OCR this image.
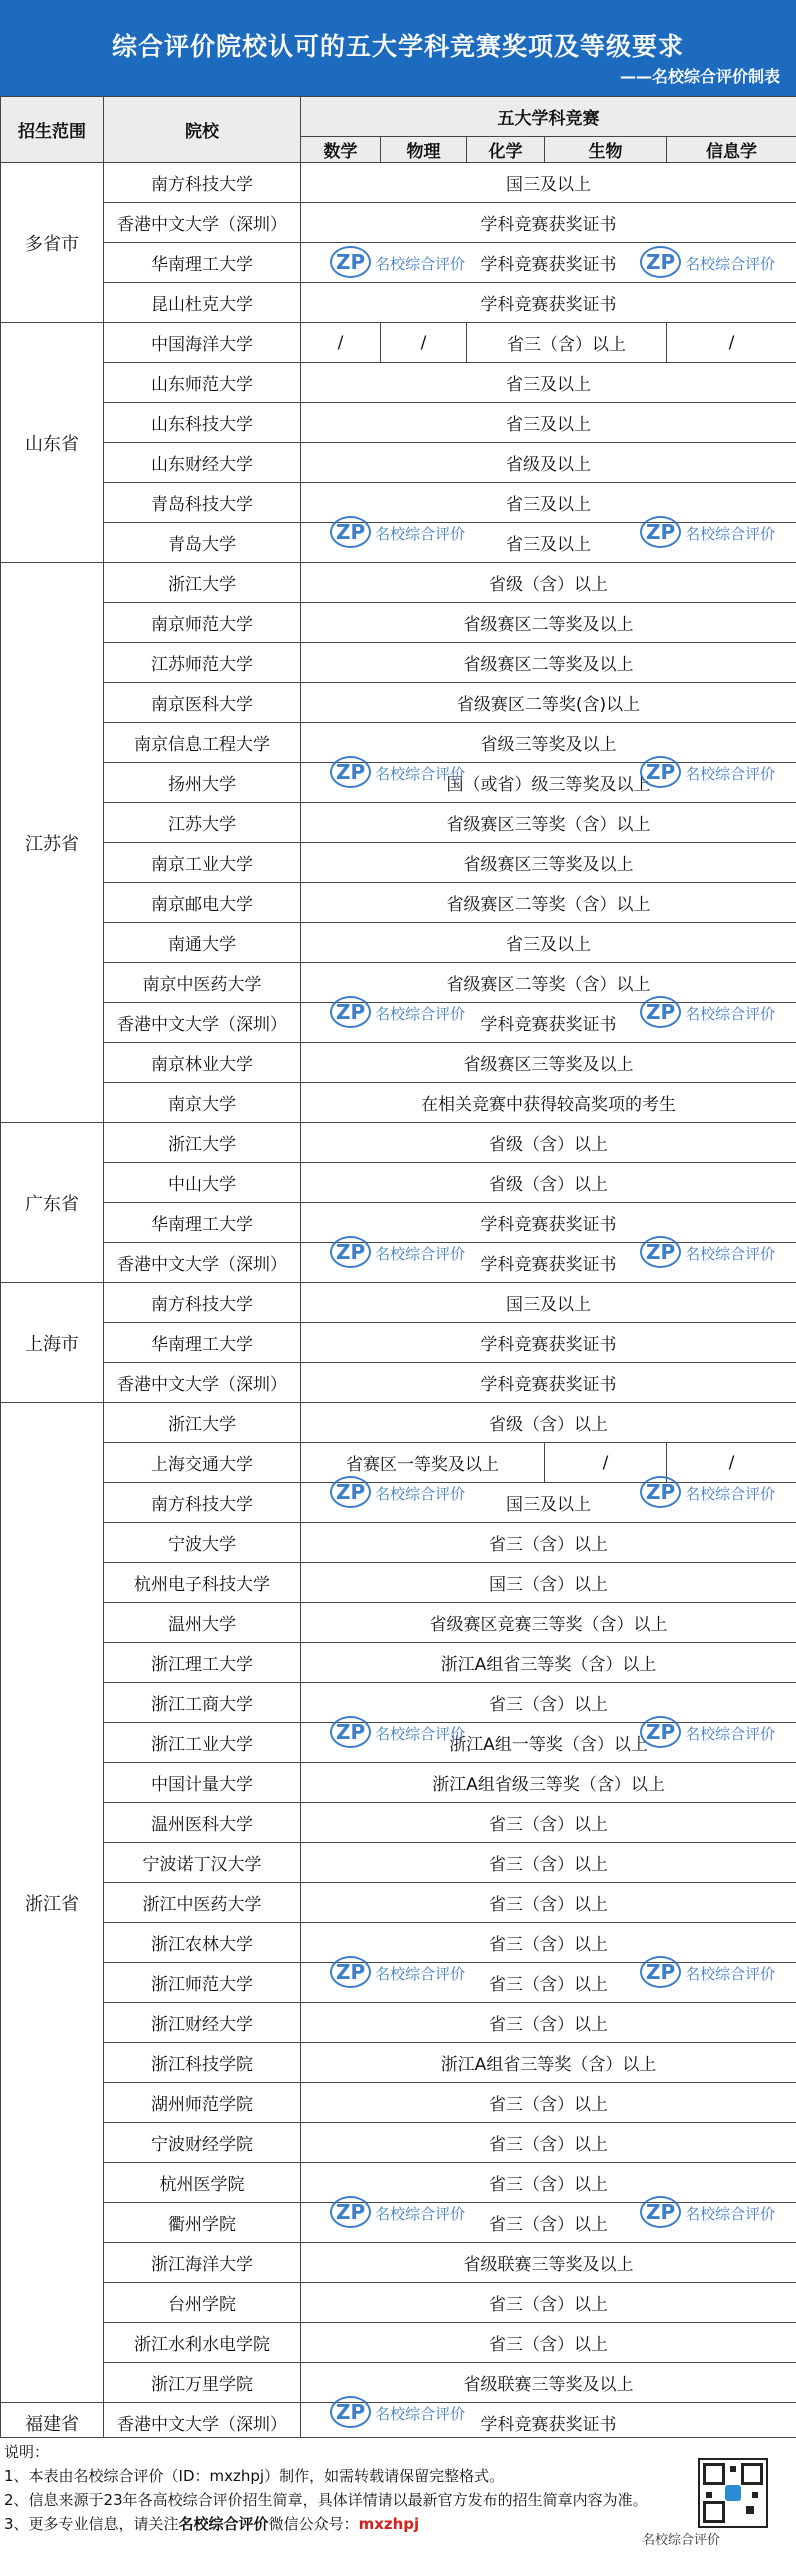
综合评价院校认可的五大学科竞赛奖项及等级要求
——名校综合评价制表
招生范围	院校	五大学科竞赛				
		数学	物理	化学	生物	信息学
多省市	南方科技大学	国三及以上				
	香港中文大学（深圳）	学科竞赛获奖证书				
	华南理工大学	学科竞赛获奖证书				
	昆山杜克大学	学科竞赛获奖证书				
山东省	中国海洋大学	/	/	省三（含）以上		/
	山东师范大学	省三及以上				
	山东科技大学	省三及以上				
	山东财经大学	省级及以上				
	青岛科技大学	省三及以上				
	青岛大学	省三及以上				
江苏省	浙江大学	省级（含）以上				
	南京师范大学	省级赛区二等奖及以上				
	江苏师范大学	省级赛区二等奖及以上				
	南京医科大学	省级赛区二等奖(含)以上				
	南京信息工程大学	省级三等奖及以上				
	扬州大学	国（或省）级三等奖及以上				
	江苏大学	省级赛区三等奖（含）以上				
	南京工业大学	省级赛区三等奖及以上				
	南京邮电大学	省级赛区二等奖（含）以上				
	南通大学	省三及以上				
	南京中医药大学	省级赛区二等奖（含）以上				
	香港中文大学（深圳）	学科竞赛获奖证书				
	南京林业大学	省级赛区三等奖及以上				
	南京大学	在相关竞赛中获得较高奖项的考生				
广东省	浙江大学	省级（含）以上				
	中山大学	省级（含）以上				
	华南理工大学	学科竞赛获奖证书				
	香港中文大学（深圳）	学科竞赛获奖证书				
上海市	南方科技大学	国三及以上				
	华南理工大学	学科竞赛获奖证书				
	香港中文大学（深圳）	学科竞赛获奖证书				
浙江省	浙江大学	省级（含）以上				
	上海交通大学	省赛区一等奖及以上			/	/
	南方科技大学	国三及以上				
	宁波大学	省三（含）以上				
	杭州电子科技大学	国三（含）以上				
	温州大学	省级赛区竞赛三等奖（含）以上				
	浙江理工大学	浙江A组省三等奖（含）以上				
	浙江工商大学	省三（含）以上				
	浙江工业大学	浙江A组一等奖（含）以上				
	中国计量大学	浙江A组省级三等奖（含）以上				
	温州医科大学	省三（含）以上				
	宁波诺丁汉大学	省三（含）以上				
	浙江中医药大学	省三（含）以上				
	浙江农林大学	省三（含）以上				
	浙江师范大学	省三（含）以上				
	浙江财经大学	省三（含）以上				
	浙江科技学院	浙江A组省三等奖（含）以上				
	湖州师范学院	省三（含）以上				
	宁波财经学院	省三（含）以上				
	杭州医学院	省三（含）以上				
	衢州学院	省三（含）以上				
	浙江海洋大学	省级联赛三等奖及以上				
	台州学院	省三（含）以上				
	浙江水利水电学院	省三（含）以上				
	浙江万里学院	省级联赛三等奖及以上				
福建省	香港中文大学（深圳）	学科竞赛获奖证书				
ZP 名校综合评价	ZP 名校综合评价
ZP 名校综合评价	ZP 名校综合评价
ZP 名校综合评价	ZP 名校综合评价
ZP 名校综合评价	ZP 名校综合评价
ZP 名校综合评价	ZP 名校综合评价
ZP 名校综合评价	ZP 名校综合评价
ZP 名校综合评价	ZP 名校综合评价
ZP 名校综合评价	ZP 名校综合评价
ZP 名校综合评价	ZP 名校综合评价
ZP 名校综合评价
说明：
1、本表由名校综合评价（ID：mxzhpj）制作，如需转载请保留完整格式。
2、信息来源于23年各高校综合评价招生简章，具体详情请以最新官方发布的招生简章内容为准。
3、更多专业信息，请关注名校综合评价微信公众号：mxzhpj
名校综合评价
